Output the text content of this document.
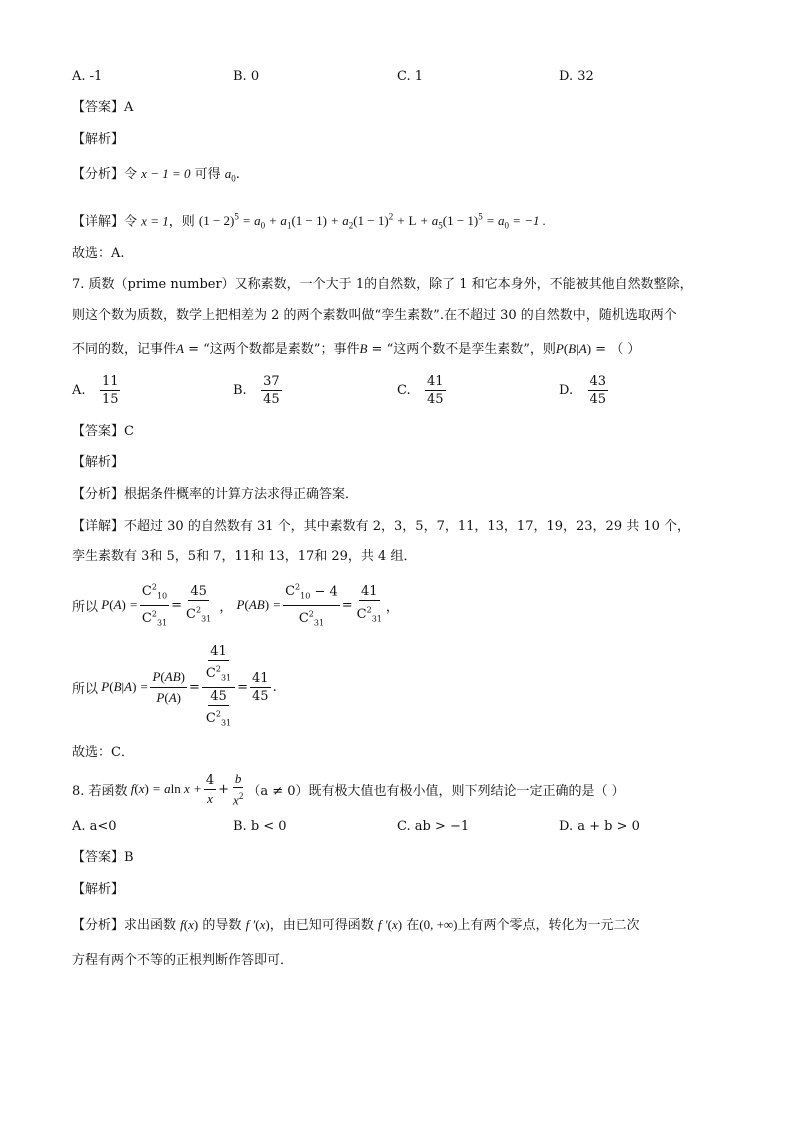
A. -1	B. 0	C. 1	D. 32
【答案】A
【解析】
【分析】令 x − 1 = 0 可得 $a_0$.
【详解】令 x = 1，则 $(1 - 2)^5 = a_0 + a_1(1 - 1) + a_2(1 - 1)^2 + L + a_5(1 - 1)^5 = a_0 = -1$ .
故选：A.
7. 质数（prime number）又称素数，一个大于 1的自然数，除了 1 和它本身外，不能被其他自然数整除，
则这个数为质数，数学上把相差为 2 的两个素数叫做“孪生素数”.在不超过 30 的自然数中，随机选取两个
不同的数，记事件A = “这两个数都是素数”；事件B = “这两个数不是孪生素数”，则P(B|A) = （ ）
A.
$\frac{11}{15}$	B.
$\frac{37}{45}$	C.
$\frac{41}{45}$	D.
$\frac{43}{45}$
【答案】C
【解析】
【分析】根据条件概率的计算方法求得正确答案．
【详解】不超过 30 的自然数有 31 个，其中素数有 2，3，5，7，11，13，17，19，23，29 共 10 个，
孪生素数有 3和 5，5和 7，11和 13，17和 29，共 4 组．
所以 $P(A) = \frac{C^2_{10}}{C^2_{31}} = \frac{45}{C^2_{31}}$ ， $P(AB) = \frac{C^2_{10} - 4}{C^2_{31}} = \frac{41}{C^2_{31}}$ ，
所以 $P(B|A) = \frac{P(AB)}{P(A)} = \frac{\frac{41}{C^2_{31}}}{\frac{45}{C^2_{31}}} = \frac{41}{45}$ .
故选：C．
8. 若函数 f(x) = aln $x + \frac{4}{x} + \frac{b}{x^2} (a \ne 0)$既有极大值也有极小值，则下列结论一定正确的是（ ）
A. a<0	B. b < 0	C. ab > −1	D. a + b > 0
【答案】B
【解析】
【分析】求出函数 f(x) 的导数 f ′(x)，由已知可得函数 f ′(x) 在(0, +∞)上有两个零点，转化为一元二次
方程有两个不等的正根判断作答即可．
